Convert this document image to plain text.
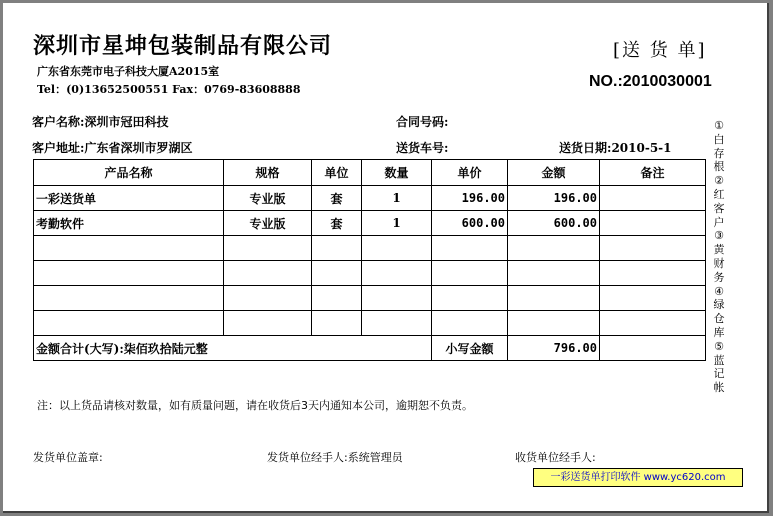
深圳市星坤包装制品有限公司
广东省东莞市电子科技大厦A2015室
Tel：(0)13652500551 Fax：0769-83608888
[送 货 单]
NO.:2010030001
客户名称:深圳市冠田科技	合同号码:
客户地址:广东省深圳市罗湖区	送货车号:	送货日期:2010-5-1
产品名称	规格	单位	数量	单价	金额	备注
一彩送货单	专业版	套	1	196.00	196.00	
考勤软件	专业版	套	1	600.00	600.00	

金额合计(大写):柒佰玖拾陆元整				小写金额	796.00	
①
白
存
根
②
红
客
户
③
黄
财
务
④
绿
仓
库
⑤
蓝
记
帐
注：以上货品请核对数量，如有质量问题，请在收货后3天内通知本公司，逾期恕不负责。
发货单位盖章:	发货单位经手人:系统管理员	收货单位经手人:
一彩送货单打印软件 www.yc620.com
